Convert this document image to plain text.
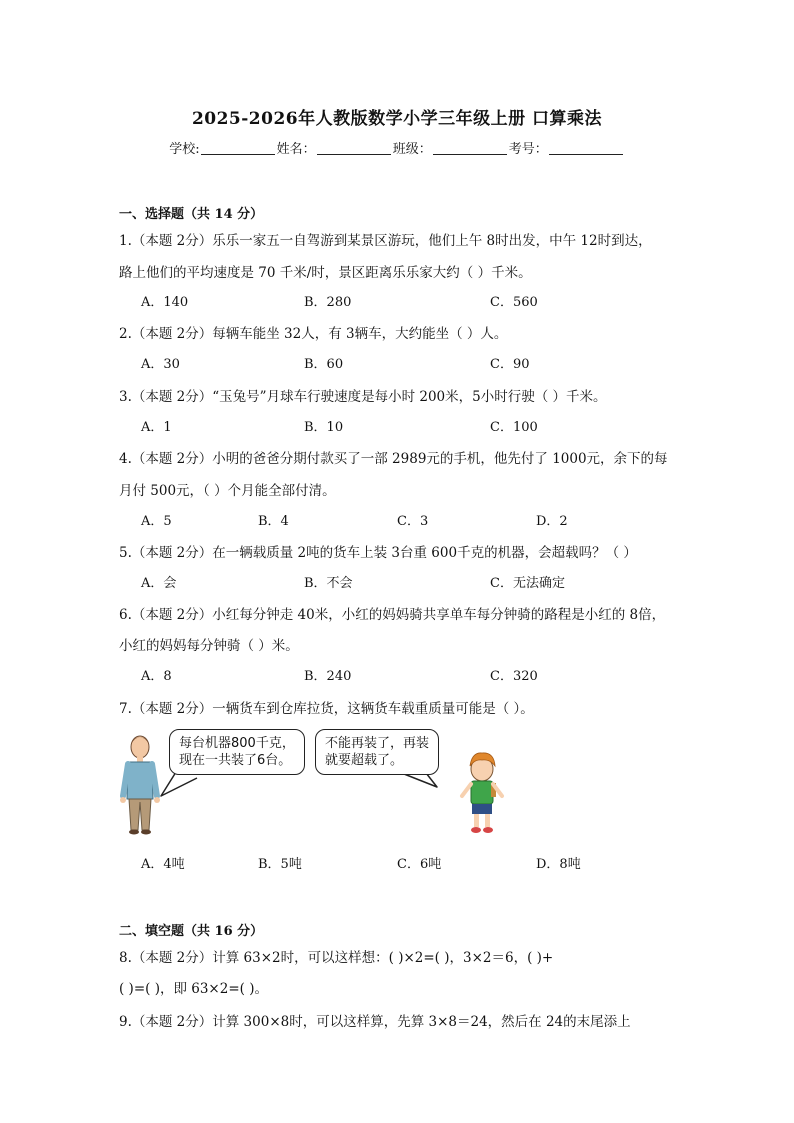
2025-2026年人教版数学小学三年级上册 口算乘法
学校:	姓名：	班级：	考号：
一、选择题（共 14 分）
1.（本题 2分）乐乐一家五一自驾游到某景区游玩，他们上午 8时出发，中午 12时到达，
路上他们的平均速度是 70 千米/时，景区距离乐乐家大约（ ）千米。
A．140	B．280	C．560
2.（本题 2分）每辆车能坐 32人，有 3辆车，大约能坐（ ）人。
A．30	B．60	C．90
3.（本题 2分）“玉兔号”月球车行驶速度是每小时 200米，5小时行驶（ ）千米。
A．1	B．10	C．100
4.（本题 2分）小明的爸爸分期付款买了一部 2989元的手机，他先付了 1000元，余下的每
月付 500元，（ ）个月能全部付清。
A．5	B．4	C．3	D．2
5.（本题 2分）在一辆载质量 2吨的货车上装 3台重 600千克的机器，会超载吗？（ ）
A．会	B．不会	C．无法确定
6.（本题 2分）小红每分钟走 40米，小红的妈妈骑共享单车每分钟骑的路程是小红的 8倍，
小红的妈妈每分钟骑（ ）米。
A．8	B．240	C．320
7.（本题 2分）一辆货车到仓库拉货，这辆货车载重质量可能是（ ）。
每台机器800千克，
现在一共装了6台。
不能再装了，再装
就要超载了。
A．4吨	B．5吨	C．6吨	D．8吨
二、填空题（共 16 分）
8.（本题 2分）计算 63×2时，可以这样想：( )×2=( )，3×2＝6，( )+
( )=( )，即 63×2=( )。
9.（本题 2分）计算 300×8时，可以这样算，先算 3×8＝24，然后在 24的末尾添上
